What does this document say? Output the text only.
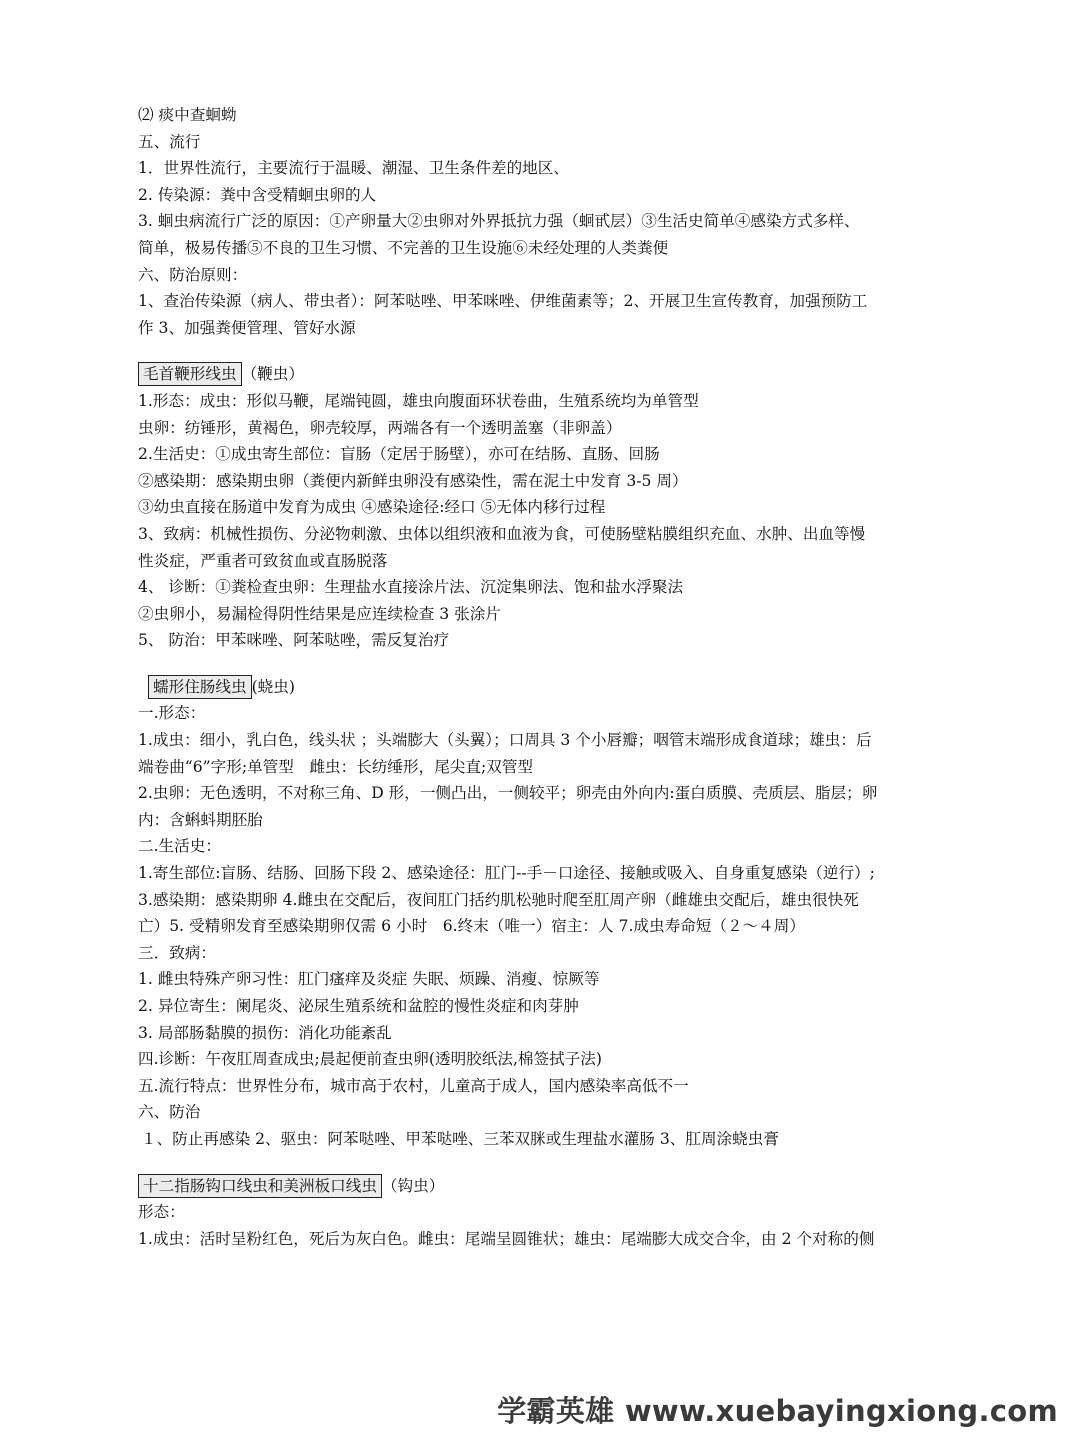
⑵ 痰中查蛔蚴
五、流行
1．世界性流行，主要流行于温暖、潮湿、卫生条件差的地区、
2. 传染源：粪中含受精蛔虫卵的人
3. 蛔虫病流行广泛的原因：①产卵量大②虫卵对外界抵抗力强（蛔甙层）③生活史简单④感染方式多样、
简单，极易传播⑤不良的卫生习惯、不完善的卫生设施⑥未经处理的人类粪便
六、防治原则：
1、查治传染源（病人、带虫者）：阿苯哒唑、甲苯咪唑、伊维菌素等；2、开展卫生宣传教育，加强预防工
作 3、加强粪便管理、管好水源
毛首鞭形线虫 （鞭虫）
1.形态：成虫：形似马鞭，尾端钝圆，雄虫向腹面环状卷曲，生殖系统均为单管型
虫卵：纺锤形，黄褐色，卵壳较厚，两端各有一个透明盖塞（非卵盖）
2.生活史：①成虫寄生部位：盲肠（定居于肠壁），亦可在结肠、直肠、回肠
②感染期：感染期虫卵（粪便内新鲜虫卵没有感染性，需在泥土中发育 3-5 周）
③幼虫直接在肠道中发育为成虫 ④感染途径:经口 ⑤无体内移行过程
3、致病：机械性损伤、分泌物刺激、虫体以组织液和血液为食，可使肠壁粘膜组织充血、水肿、出血等慢
性炎症，严重者可致贫血或直肠脱落
4、 诊断：①粪检查虫卵：生理盐水直接涂片法、沉淀集卵法、饱和盐水浮聚法
②虫卵小，易漏检得阴性结果是应连续检查 3 张涂片
5、 防治：甲苯咪唑、阿苯哒唑，需反复治疗
蠕形住肠线虫 (蛲虫)
一.形态：
1.成虫：细小，乳白色，线头状 ；头端膨大（头翼）；口周具 3 个小唇瓣；咽管末端形成食道球；雄虫：后
端卷曲“6”字形;单管型　雌虫：长纺缍形，尾尖直;双管型
2.虫卵：无色透明，不对称三角、D 形，一侧凸出，一侧较平；卵壳由外向内:蛋白质膜、壳质层、脂层；卵
内：含蝌蚪期胚胎
二.生活史：
1.寄生部位:盲肠、结肠、回肠下段 2、感染途径：肛门--手－口途径、接触或吸入、自身重复感染（逆行）;
3.感染期：感染期卵 4.雌虫在交配后，夜间肛门括约肌松驰时爬至肛周产卵（雌雄虫交配后，雄虫很快死
亡）5. 受精卵发育至感染期卵仅需 6 小时　6.终末（唯一）宿主：人 7.成虫寿命短（２～４周）
三．致病：
1. 雌虫特殊产卵习性：肛门瘙痒及炎症 失眠、烦躁、消瘦、惊厥等
2. 异位寄生：阑尾炎、泌尿生殖系统和盆腔的慢性炎症和肉芽肿
3. 局部肠黏膜的损伤：消化功能紊乱
四.诊断：午夜肛周查成虫;晨起便前查虫卵(透明胶纸法,棉签拭子法)
五.流行特点：世界性分布，城市高于农村，儿童高于成人，国内感染率高低不一
六、防治
１、防止再感染 2、驱虫：阿苯哒唑、甲苯哒唑、三苯双脒或生理盐水灌肠 3、肛周涂蛲虫膏
十二指肠钩口线虫和美洲板口线虫 （钩虫）
形态：
1.成虫：活时呈粉红色，死后为灰白色。雌虫：尾端呈圆锥状；雄虫：尾端膨大成交合伞，由 2 个对称的侧
学霸英雄 www.xuebayingxiong.com
